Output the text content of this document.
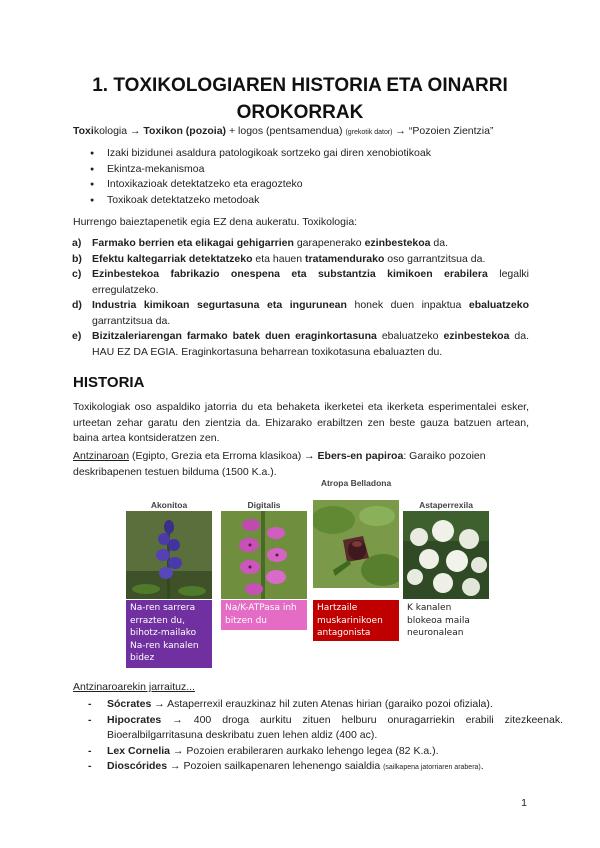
1. TOXIKOLOGIAREN HISTORIA ETA OINARRI OROKORRAK
Toxikologia → Toxikon (pozoia) + logos (pentsamendua) (grekotik dator) → “Pozoien Zientzia”
● Izaki bizidunei asaldura patologikoak sortzeko gai diren xenobiotikoak
● Ekintza-mekanismoa
● Intoxikazioak detektatzeko eta eragozteko
● Toxikoak detektatzeko metodoak
Hurrengo baieztapenetik egia EZ dena aukeratu. Toxikologia:
a) Farmako berrien eta elikagai gehigarrien garapenerako ezinbestekoa da.
b) Efektu kaltegarriak detektatzeko eta hauen tratamendurako oso garrantzitsua da.
c) Ezinbestekoa fabrikazio onespena eta substantzia kimikoen erabilera legalki erregulatzeko.
d) Industria kimikoan segurtasuna eta ingurunean honek duen inpaktua ebaluatzeko garrantzitsua da.
e) Bizitzaleriarengan farmako batek duen eraginkortasuna ebaluatzeko ezinbestekoa da. HAU EZ DA EGIA. Eraginkortasuna beharrean toxikotasuna ebaluazten du.
HISTORIA
Toxikologiak oso aspaldiko jatorria du eta behaketa ikerketei eta ikerketa esperimentalei esker, urteetan zehar garatu den zientzia da. Ehizarako erabiltzen zen beste gauza batzuen artean, baina artea kontsideratzen zen.
Antzinaroan (Egipto, Grezia eta Erroma klasikoa) → Ebers-en papiroa: Garaiko pozoien deskribapenen testuen bilduma (1500 K.a.).
Akonitoa	Digitalis
Atropa Belladona
Astaperrexila
Na-ren sarrera errazten du, bihotz-mailako Na-ren kanalen bidez
Na/K-ATPasa inh bitzen du
Hartzaile muskarinikoen antagonista
K kanalen blokeoa maila neuronalean
Antzinaroarekin jarraituz...
- Sócrates → Astaperrexil erauzkinaz hil zuten Atenas hirian (garaiko pozoi ofiziala).
- Hipocrates → 400 droga aurkitu zituen helburu onuragarriekin erabili zitezkeenak. Bioeralbilgarritasuna deskribatu zuen lehen aldiz (400 ac).
- Lex Cornelia → Pozoien erabileraren aurkako lehengo legea (82 K.a.).
- Dioscórides → Pozoien sailkapenaren lehenengo saialdia (sailkapena jatorriaren arabera).
1
